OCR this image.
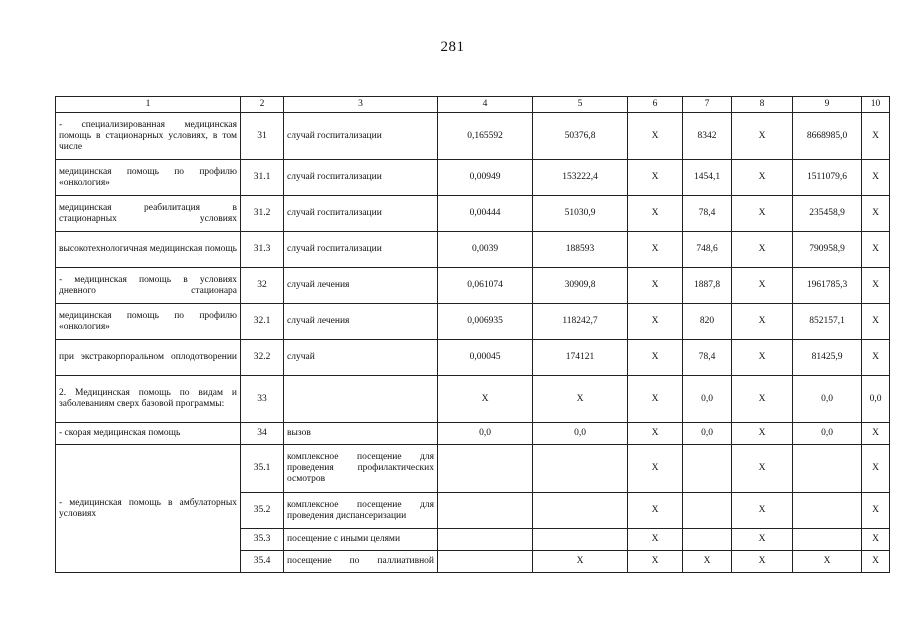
281
1	2	3	4	5	6	7	8	9	10
- специализированная медицинская помощь в стационарных условиях, в том числе	31	случай госпитализации	0,165592	50376,8	X	8342	X	8668985,0	X
медицинская помощь по профилю «онкология»	31.1	случай госпитализации	0,00949	153222,4	X	1454,1	X	1511079,6	X
медицинская реабилитация в стационарных условиях	31.2	случай госпитализации	0,00444	51030,9	X	78,4	X	235458,9	X
высокотехнологичная медицинская помощь	31.3	случай госпитализации	0,0039	188593	X	748,6	X	790958,9	X
- медицинская помощь в условиях дневного стационара	32	случай лечения	0,061074	30909,8	X	1887,8	X	1961785,3	X
медицинская помощь по профилю «онкология»	32.1	случай лечения	0,006935	118242,7	X	820	X	852157,1	X
при экстракорпоральном оплодотворении	32.2	случай	0,00045	174121	X	78,4	X	81425,9	X
2. Медицинская помощь по видам и заболеваниям сверх базовой программы:	33		X	X	X	0,0	X	0,0	0,0
- скорая медицинская помощь	34	вызов	0,0	0,0	X	0,0	X	0,0	X
- медицинская помощь в амбулаторных условиях	35.1	комплексное посещение для проведения профилактических осмотров			X		X		X
	35.2	комплексное посещение для проведения диспансеризации			X		X		X
	35.3	посещение с иными целями			X		X		X
	35.4	посещение по паллиативной		X	X	X	X	X	X
